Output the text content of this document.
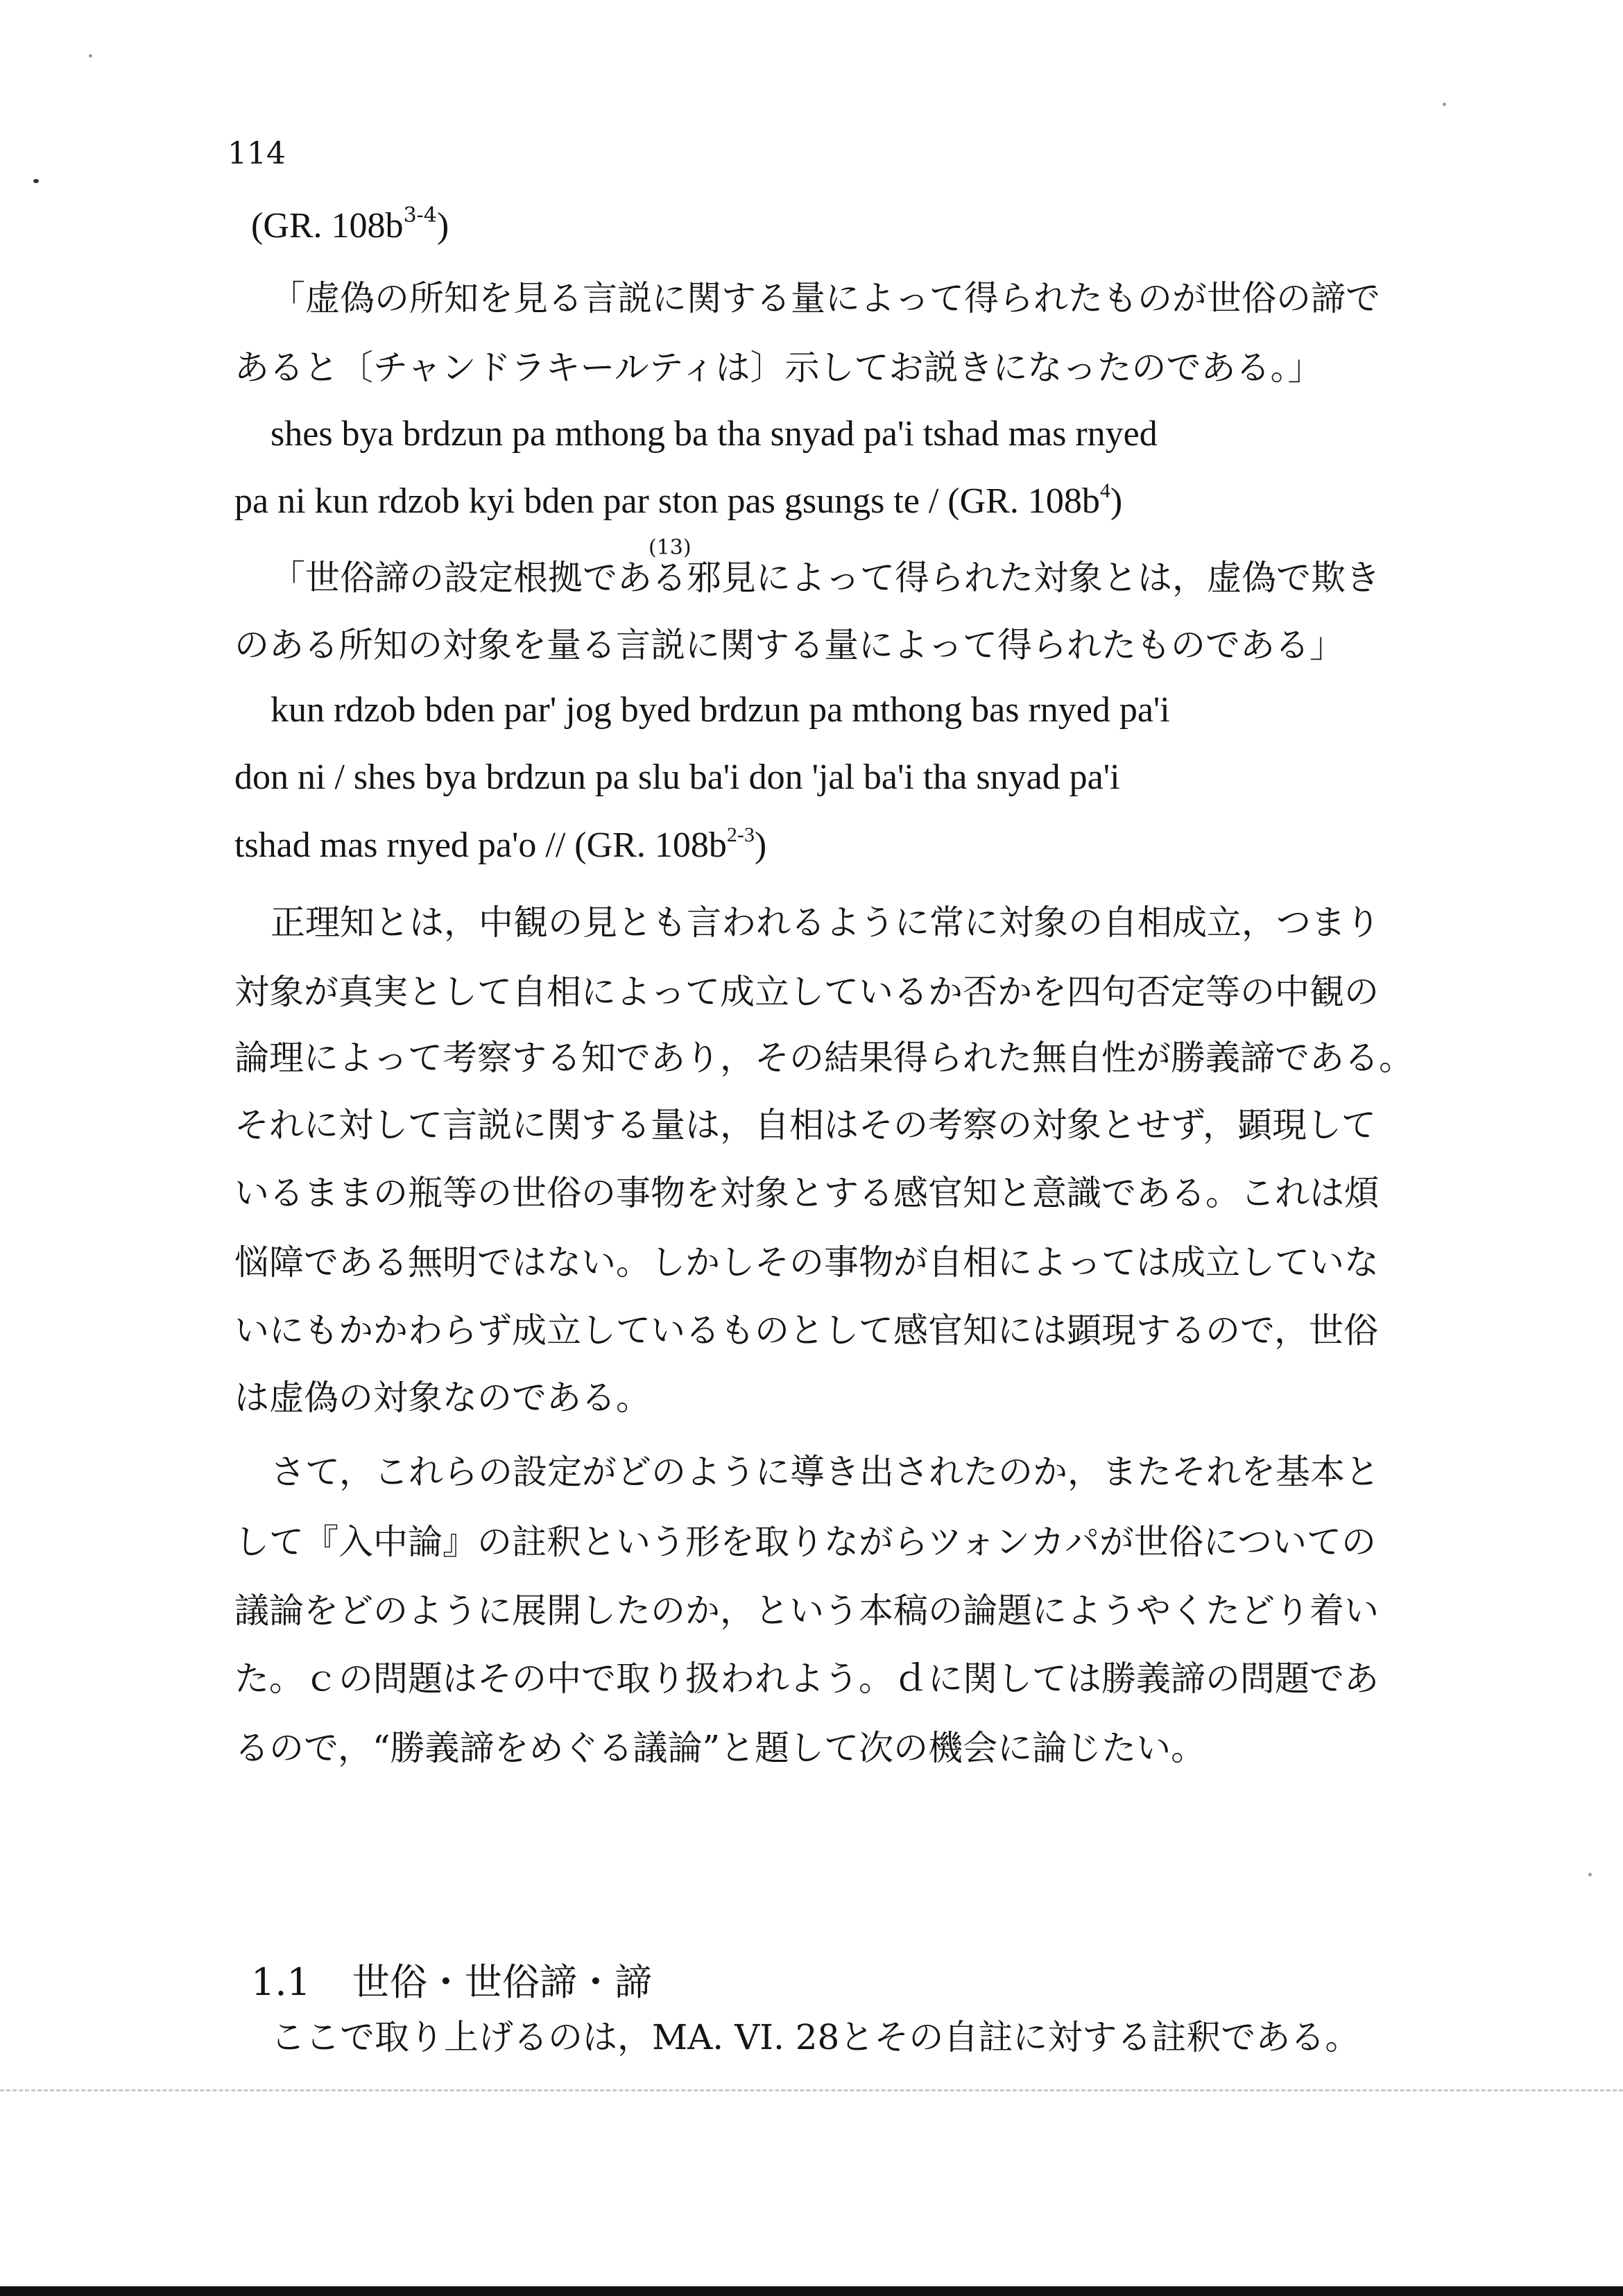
114
(GR. $108b^{3-4}$)
「虚偽の所知を見る言説に関する量によって得られたものが世俗の諦で
あると〔チャンドラキールティは〕示してお説きになったのである。」
shes bya brdzun pa mthong ba tha snyad pa'i tshad mas rnyed
pa ni kun rdzob kyi bden par ston pas gsungs te / (GR. $108b^4$)
(13)
「世俗諦の設定根拠である邪見によって得られた対象とは，虚偽で欺き
のある所知の対象を量る言説に関する量によって得られたものである」
kun rdzob bden par' jog byed brdzun pa mthong bas rnyed pa'i
don ni / shes bya brdzun pa slu ba'i don 'jal ba'i tha snyad pa'i
tshad mas rnyed pa'o // (GR. $108b^{2-3}$)
正理知とは，中観の見とも言われるように常に対象の自相成立，つまり
対象が真実として自相によって成立しているか否かを四句否定等の中観の
論理によって考察する知であり，その結果得られた無自性が勝義諦である。
それに対して言説に関する量は，自相はその考察の対象とせず，顕現して
いるままの瓶等の世俗の事物を対象とする感官知と意識である。これは煩
悩障である無明ではない。しかしその事物が自相によっては成立していな
いにもかかわらず成立しているものとして感官知には顕現するので，世俗
は虚偽の対象なのである。
さて，これらの設定がどのように導き出されたのか，またそれを基本と
して『入中論』の註釈という形を取りながらツォンカパが世俗についての
議論をどのように展開したのか，という本稿の論題にようやくたどり着い
た。ｃの問題はその中で取り扱われよう。ｄに関しては勝義諦の問題であ
るので，“勝義諦をめぐる議論”と題して次の機会に論じたい。
1.1 世俗・世俗諦・諦
ここで取り上げるのは，MA. VI. 28とその自註に対する註釈である。
